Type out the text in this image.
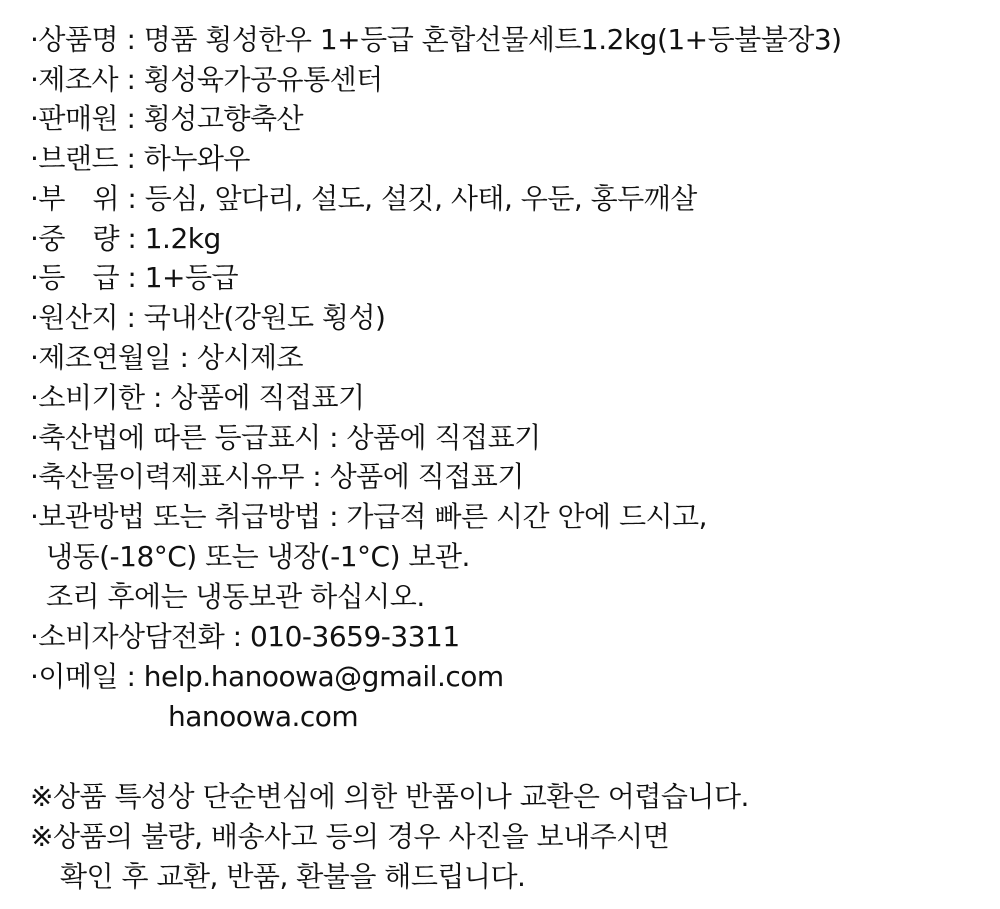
·상품명 : 명품 횡성한우 1+등급 혼합선물세트1.2kg(1+등불불장3)
·제조사 : 횡성육가공유통센터
·판매원 : 횡성고향축산
·브랜드 : 하누와우
·부　위 : 등심, 앞다리, 설도, 설깃, 사태, 우둔, 홍두깨살
·중　량 : 1.2kg
·등　급 : 1+등급
·원산지 : 국내산(강원도 횡성)
·제조연월일 : 상시제조
·소비기한 : 상품에 직접표기
·축산법에 따른 등급표시 : 상품에 직접표기
·축산물이력제표시유무 : 상품에 직접표기
·보관방법 또는 취급방법 : 가급적 빠른 시간 안에 드시고,
냉동(-18°C) 또는 냉장(-1°C) 보관.
조리 후에는 냉동보관 하십시오.
·소비자상담전화 : 010-3659-3311
·이메일 : help.hanoowa@gmail.com
hanoowa.com
※상품 특성상 단순변심에 의한 반품이나 교환은 어렵습니다.
※상품의 불량, 배송사고 등의 경우 사진을 보내주시면
확인 후 교환, 반품, 환불을 해드립니다.
